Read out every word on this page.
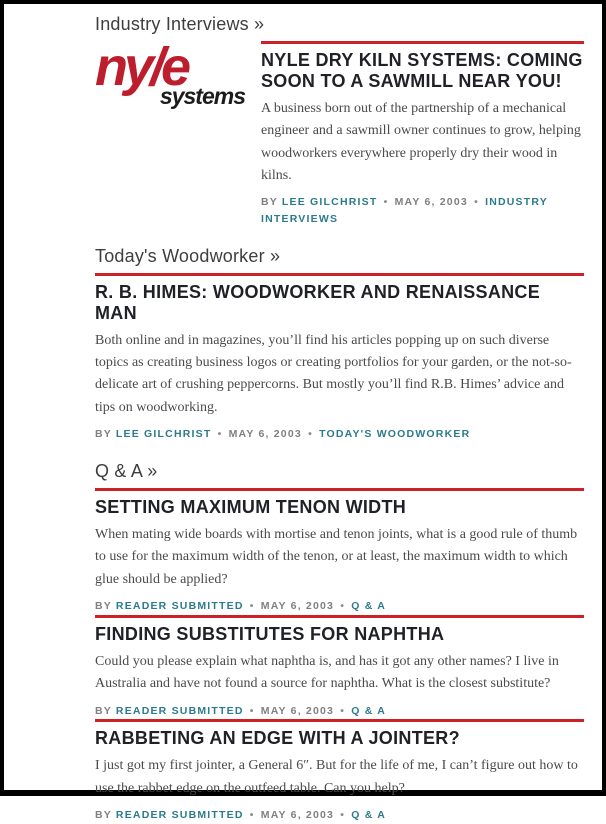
Industry Interviews »
ny/e
systems
NYLE DRY KILN SYSTEMS: COMING SOON TO A SAWMILL NEAR YOU!

A business born out of the partnership of a mechanical engineer and a sawmill owner continues to grow, helping woodworkers everywhere properly dry their wood in kilns.

BY LEE GILCHRIST • MAY 6, 2003 • INDUSTRY INTERVIEWS
Today's Woodworker »
R. B. HIMES: WOODWORKER AND RENAISSANCE MAN

Both online and in magazines, you’ll find his articles popping up on such diverse topics as creating business logos or creating portfolios for your garden, or the not-so-delicate art of crushing peppercorns. But mostly you’ll find R.B. Himes’ advice and tips on woodworking.

BY LEE GILCHRIST • MAY 6, 2003 • TODAY'S WOODWORKER
Q & A »
SETTING MAXIMUM TENON WIDTH

When mating wide boards with mortise and tenon joints, what is a good rule of thumb to use for the maximum width of the tenon, or at least, the maximum width to which glue should be applied?

BY READER SUBMITTED • MAY 6, 2003 • Q & A
FINDING SUBSTITUTES FOR NAPHTHA

Could you please explain what naphtha is, and has it got any other names? I live in Australia and have not found a source for naphtha. What is the closest substitute?

BY READER SUBMITTED • MAY 6, 2003 • Q & A
RABBETING AN EDGE WITH A JOINTER?

I just got my first jointer, a General 6″. But for the life of me, I can’t figure out how to use the rabbet edge on the outfeed table. Can you help?

BY READER SUBMITTED • MAY 6, 2003 • Q & A
